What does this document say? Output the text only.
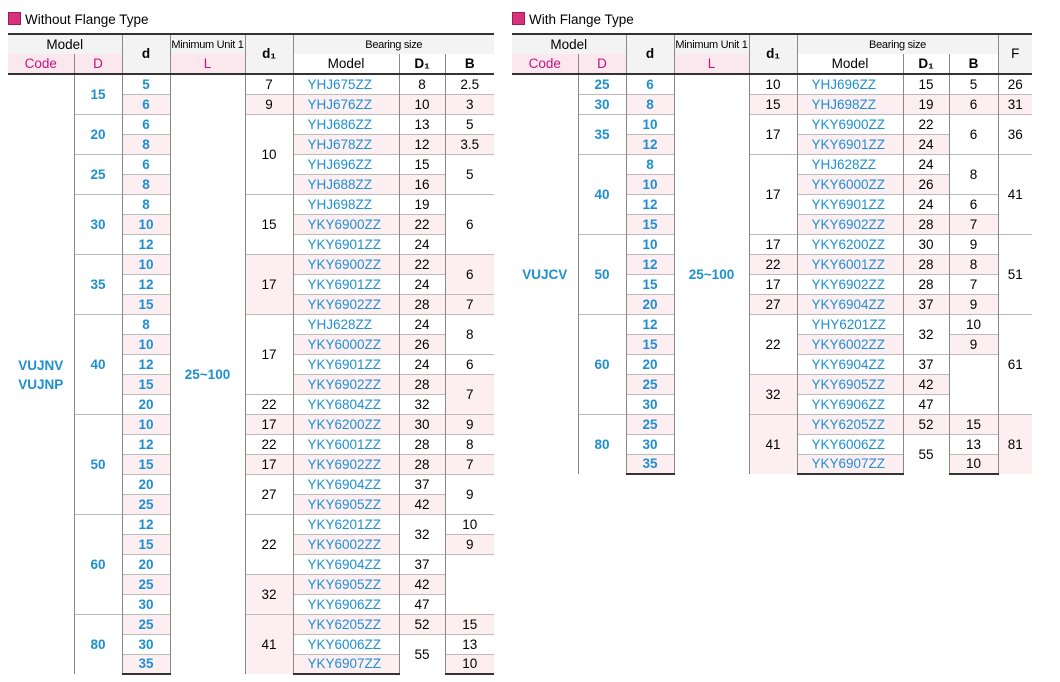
Without Flange Type
Model		d	Minimum Unit 1	d₁	Bearing size		
Code	D		L		Model	D₁	B

VUJNV
VUJNP	15	5	25~100	7	YHJ675ZZ	8	2.5
		6		9	YHJ676ZZ	10	3
	20	6		10	YHJ686ZZ	13	5
		8			YHJ678ZZ	12	3.5
	25	6			YHJ696ZZ	15	5
		8			YHJ688ZZ	16	
	30	8		15	YHJ698ZZ	19	6
		10			YKY6900ZZ	22	
		12			YKY6901ZZ	24	
	35	10		17	YKY6900ZZ	22	6
		12			YKY6901ZZ	24	
		15			YKY6902ZZ	28	7
	40	8		17	YHJ628ZZ	24	8
		10			YKY6000ZZ	26	
		12			YKY6901ZZ	24	6
		15			YKY6902ZZ	28	7
		20		22	YKY6804ZZ	32	
	50	10		17	YKY6200ZZ	30	9
		12		22	YKY6001ZZ	28	8
		15		17	YKY6902ZZ	28	7
		20		27	YKY6904ZZ	37	9
		25			YKY6905ZZ	42	
	60	12		22	YKY6201ZZ	32	10
		15			YKY6002ZZ		9
		20			YKY6904ZZ	37	
		25		32	YKY6905ZZ	42	
		30			YKY6906ZZ	47	
	80	25		41	YKY6205ZZ	52	15
		30			YKY6006ZZ	55	13
		35			YKY6907ZZ		10
With Flange Type
Model		d	Minimum Unit 1	d₁	Bearing size			F
Code	D		L		Model	D₁	B	

VUJCV	25	6	25~100	10	YHJ696ZZ	15	5	26
	30	8		15	YHJ698ZZ	19	6	31
	35	10		17	YKY6900ZZ	22	6	36
		12			YKY6901ZZ	24		
	40	8		17	YHJ628ZZ	24	8	41
		10			YKY6000ZZ	26		
		12			YKY6901ZZ	24	6	
		15			YKY6902ZZ	28	7	
	50	10		17	YKY6200ZZ	30	9	51
		12		22	YKY6001ZZ	28	8	
		15		17	YKY6902ZZ	28	7	
		20		27	YKY6904ZZ	37	9	
	60	12		22	YHY6201ZZ	32	10	61
		15			YKY6002ZZ		9	
		20			YKY6904ZZ	37		
		25		32	YKY6905ZZ	42		
		30			YKY6906ZZ	47		
	80	25		41	YKY6205ZZ	52	15	81
		30			YKY6006ZZ	55	13	
		35			YKY6907ZZ		10	
